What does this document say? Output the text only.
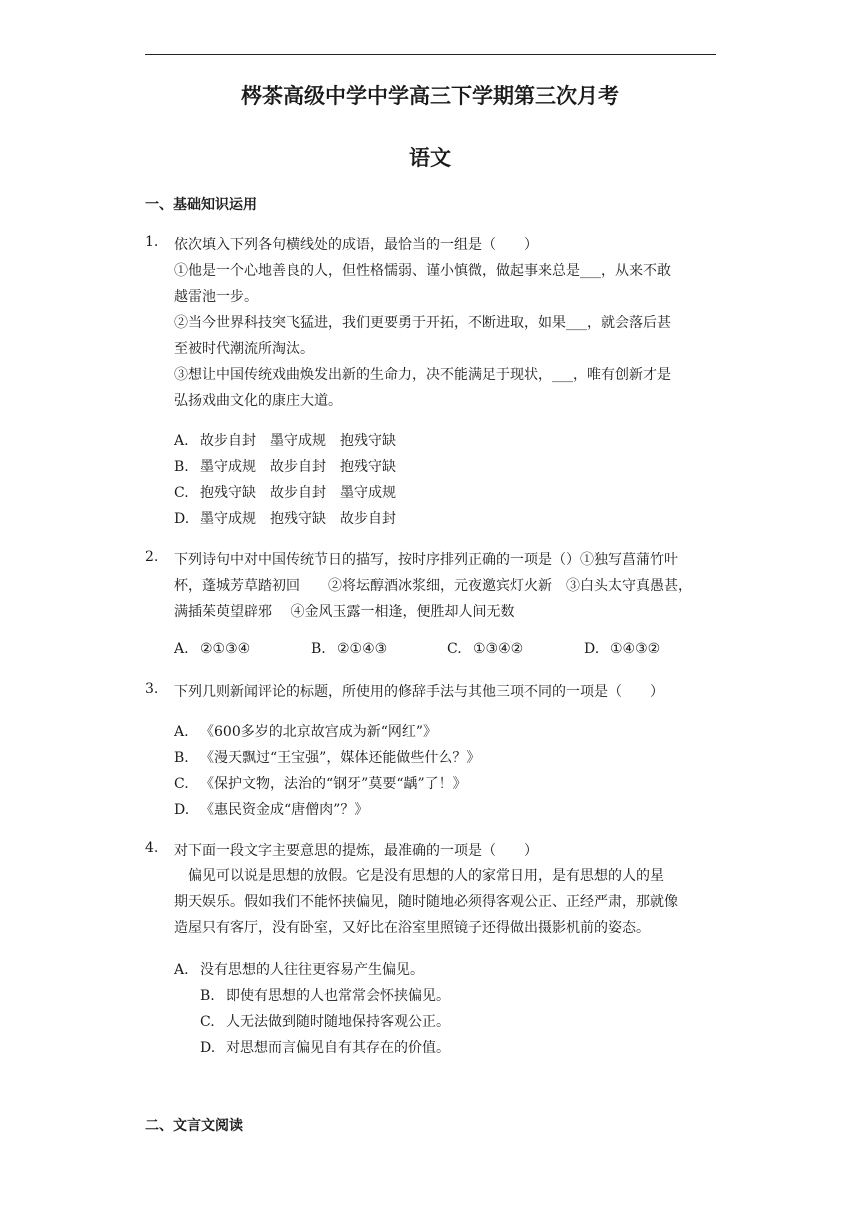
梣茶高级中学中学高三下学期第三次月考
语文
一、基础知识运用
1. 依次填入下列各句横线处的成语，最恰当的一组是（　　）
①他是一个心地善良的人，但性格懦弱、谨小慎微，做起事来总是___，从来不敢
越雷池一步。
②当今世界科技突飞猛进，我们更要勇于开拓，不断进取，如果___，就会落后甚
至被时代潮流所淘汰。
③想让中国传统戏曲焕发出新的生命力，决不能满足于现状，___，唯有创新才是
弘扬戏曲文化的康庄大道。
A. 故步自封　墨守成规　抱残守缺
B. 墨守成规　故步自封　抱残守缺
C. 抱残守缺　故步自封　墨守成规
D. 墨守成规　抱残守缺　故步自封
2. 下列诗句中对中国传统节日的描写，按时序排列正确的一项是（）①独写菖蒲竹叶
杯，蓬城芳草踏初回　　②将坛醇酒冰浆细，元夜邀宾灯火新　③白头太守真愚甚，
满插茱萸望辟邪　 ④金风玉露一相逢，便胜却人间无数
A. ②①③④	B. ②①④③	C. ①③④②	D. ①④③②
3. 下列几则新闻评论的标题，所使用的修辞手法与其他三项不同的一项是（　　）
A. 《600多岁的北京故宫成为新“网红”》
B. 《漫天飘过“王宝强”，媒体还能做些什么？》
C. 《保护文物，法治的“钢牙”莫要“龋”了！》
D. 《惠民资金成“唐僧肉”？》
4. 对下面一段文字主要意思的提炼，最准确的一项是（　　）
　偏见可以说是思想的放假。它是没有思想的人的家常日用，是有思想的人的星
期天娱乐。假如我们不能怀挟偏见，随时随地必须得客观公正、正经严肃，那就像
造屋只有客厅，没有卧室，又好比在浴室里照镜子还得做出摄影机前的姿态。
A. 没有思想的人往往更容易产生偏见。
B. 即使有思想的人也常常会怀挟偏见。
C. 人无法做到随时随地保持客观公正。
D. 对思想而言偏见自有其存在的价值。
二、文言文阅读
